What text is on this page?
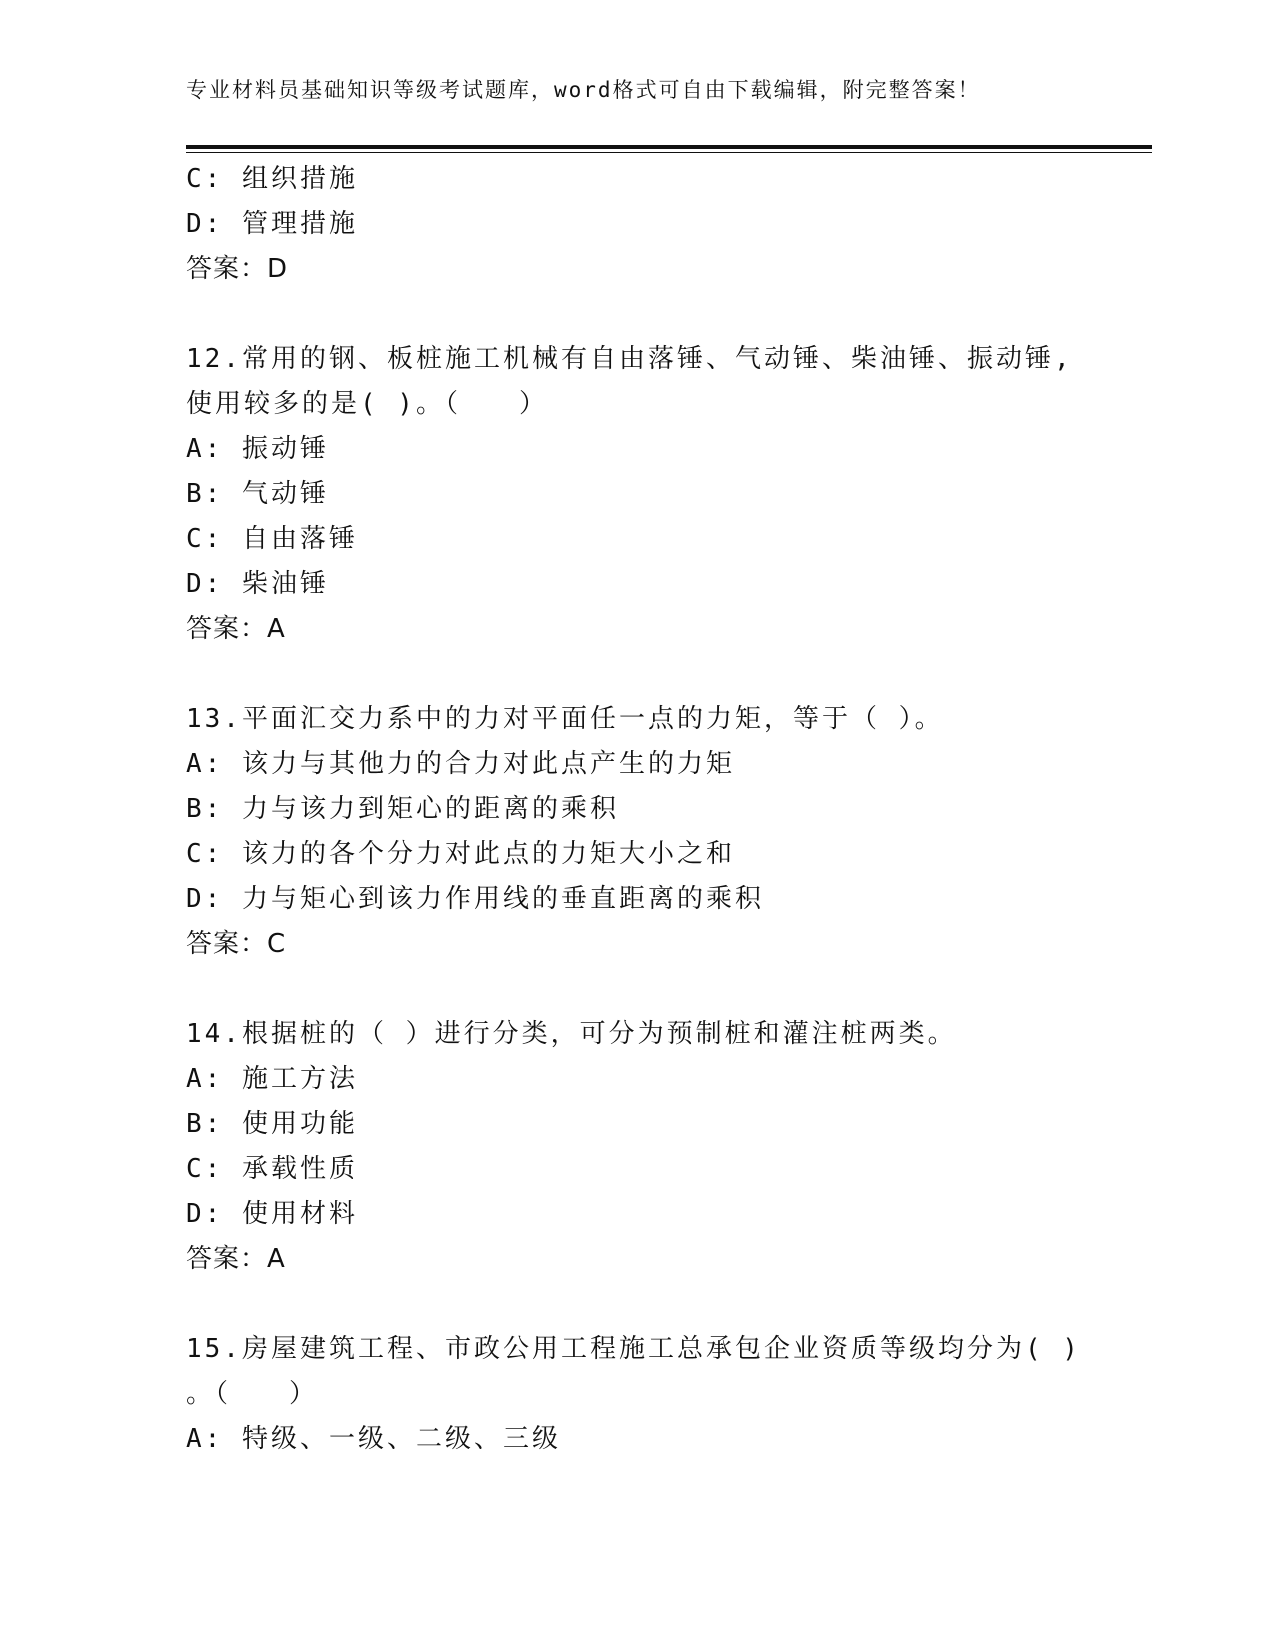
专业材料员基础知识等级考试题库，word格式可自由下载编辑，附完整答案！
C: 组织措施
D: 管理措施
答案：D
12.常用的钢、板桩施工机械有自由落锤、气动锤、柴油锤、振动锤,
使用较多的是( )。（　　）
A: 振动锤
B: 气动锤
C: 自由落锤
D: 柴油锤
答案：A
13.平面汇交力系中的力对平面任一点的力矩，等于（ ）。
A: 该力与其他力的合力对此点产生的力矩
B: 力与该力到矩心的距离的乘积
C: 该力的各个分力对此点的力矩大小之和
D: 力与矩心到该力作用线的垂直距离的乘积
答案：C
14.根据桩的（ ）进行分类，可分为预制桩和灌注桩两类。
A: 施工方法
B: 使用功能
C: 承载性质
D: 使用材料
答案：A
15.房屋建筑工程、市政公用工程施工总承包企业资质等级均分为( )
。（　　）
A: 特级、一级、二级、三级
